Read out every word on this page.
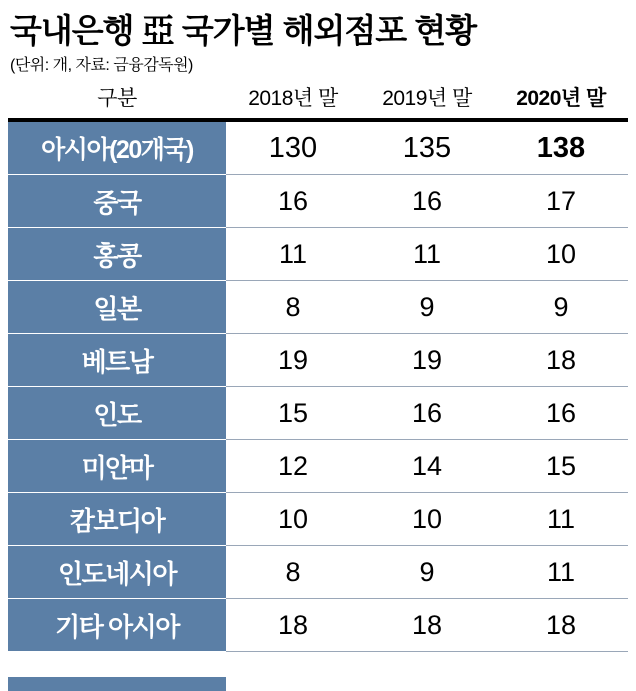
국내은행 亞 국가별 해외점포 현황
(단위: 개, 자료: 금융감독원)
구분	2018년 말	2019년 말	2020년 말

아시아(20개국)	130	135	138
중국	16	16	17
홍콩	11	11	10
일본	8	9	9
베트남	19	19	18
인도	15	16	16
미얀마	12	14	15
캄보디아	10	10	11
인도네시아	8	9	11
기타 아시아	18	18	18
